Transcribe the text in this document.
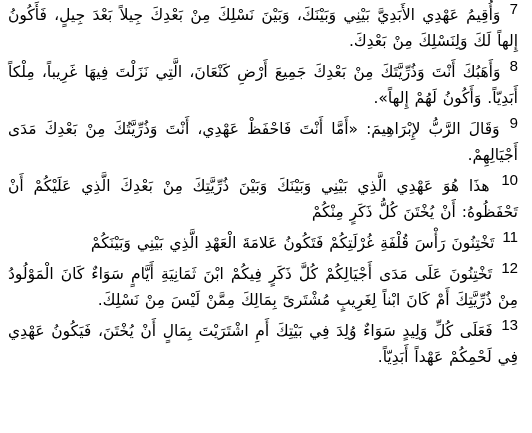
7 وَأُقِيمُ عَهْدِي الأَبَدِيَّ بَيْنِي وَبَيْنَكَ، وَبَيْنَ نَسْلِكَ مِنْ بَعْدِكَ جِيلاً بَعْدَ جِيلٍ، فَأَكُونُ إِلهاً لَكَ وَلِنَسْلِكَ مِنْ بَعْدِكَ.

8 وَأَهَبُكَ أَنْتَ وَذُرِّيَّتَكَ مِنْ بَعْدِكَ جَمِيعَ أَرْضِ كَنْعَانَ، الَّتِي نَزَلْتَ فِيهَا غَرِيباً، مِلْكاً أَبَدِيّاً. وَأَكُونُ لَهُمْ إِلهاً».

9 وَقَالَ الرَّبُّ لإِبْرَاهِيمَ: «أَمَّا أَنْتَ فَاحْفَظْ عَهْدِي، أَنْتَ وَذُرِّيَّتُكَ مِنْ بَعْدِكَ مَدَى أَجْيَالِهِمْ.

10 هذَا هُوَ عَهْدِي الَّذِي بَيْنِي وَبَيْنَكَ وَبَيْنَ ذُرِّيَّتِكَ مِنْ بَعْدِكَ الَّذِي عَلَيْكُمْ أَنْ تَحْفَظُوهُ: أَنْ يُخْتَنَ كُلُّ ذَكَرٍ مِنْكُمْ

11 تَخْتِنُونَ رَأْسَ قُلْفَةِ غُرْلَتِكُمْ فَتَكُونُ عَلامَةَ الْعَهْدِ الَّذِي بَيْنِي وَبَيْنَكُمْ

12 تَخْتِنُونَ عَلَى مَدَى أَجْيَالِكُمْ كُلَّ ذَكَرٍ فِيكُمْ ابْنَ ثَمَانِيَةِ أَيَّامٍ سَوَاءٌ كَانَ الْمَوْلُودُ مِنْ ذُرِّيَّتِكَ أَمْ كَانَ ابْناً لِغَرِيبٍ مُشْتَرىً بِمَالِكَ مِمَّنْ لَيْسَ مِنْ نَسْلِكَ.

13 فَعَلَى كُلِّ وَلِيدٍ سَوَاءٌ وُلِدَ فِي بَيْتِكَ أَمِ اشْتَرَيْتَ بِمَالٍ أَنْ يُخْتَنَ، فَيَكُونُ عَهْدِي فِي لَحْمِكُمْ عَهْداً أَبَدِيّاً.
